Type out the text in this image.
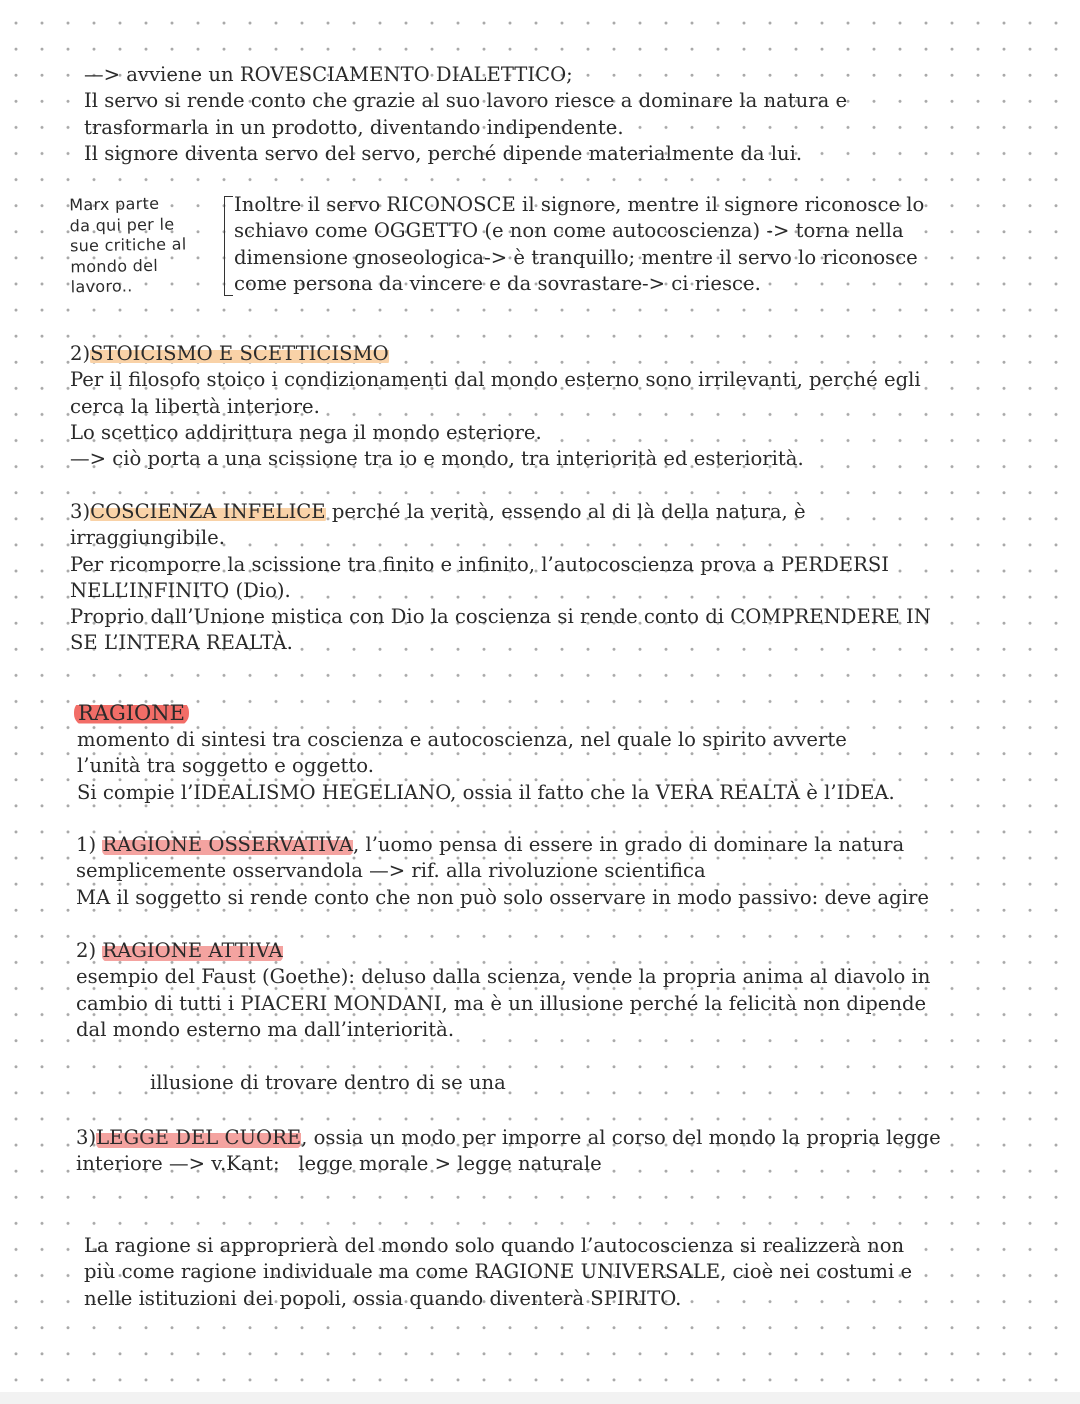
—> avviene un ROVESCIAMENTO DIALETTICO;
Il servo si rende conto che grazie al suo lavoro riesce a dominare la natura e
trasformarla in un prodotto, diventando indipendente.
Il signore diventa servo del servo, perché dipende materialmente da lui.
Marx parte
da qui per le
sue critiche al
mondo del
lavoro..
Inoltre il servo RICONOSCE il signore, mentre il signore riconosce lo
schiavo come OGGETTO (e non come autocoscienza) -> torna nella
dimensione gnoseologica-> è tranquillo; mentre il servo lo riconosce
come persona da vincere e da sovrastare-> ci riesce.
2)STOICISMO E SCETTICISMO
Per il filosofo stoico i condizionamenti dal mondo esterno sono irrilevanti, perché egli
cerca la libertà interiore.
Lo scettico addirittura nega il mondo esteriore.
—> ciò porta a una scissione tra io e mondo, tra interiorità ed esteriorità.
3)COSCIENZA INFELICE perché la verità, essendo al di là della natura, è
irraggiungibile.
Per ricomporre la scissione tra finito e infinito, l’autocoscienza prova a PERDERSI
NELL’INFINITO (Dio).
Proprio dall’Unione mistica con Dio la coscienza si rende conto di COMPRENDERE IN
SE L’INTERA REALTÀ.
RAGIONE
momento di sintesi tra coscienza e autocoscienza, nel quale lo spirito avverte
l’unità tra soggetto e oggetto.
Si compie l’IDEALISMO HEGELIANO, ossia il fatto che la VERA REALTÀ è l’IDEA.
1) RAGIONE OSSERVATIVA, l’uomo pensa di essere in grado di dominare la natura
semplicemente osservandola —> rif. alla rivoluzione scientifica
MA il soggetto si rende conto che non può solo osservare in modo passivo: deve agire
2) RAGIONE ATTIVA
esempio del Faust (Goethe): deluso dalla scienza, vende la propria anima al diavolo in
cambio di tutti i PIACERI MONDANI, ma è un illusione perché la felicità non dipende
dal mondo esterno ma dall’interiorità.
illusione di trovare dentro di se una
3)LEGGE DEL CUORE, ossia un modo per imporre al corso del mondo la propria legge
interiore —> v.Kant:   legge morale > legge naturale
La ragione si approprierà del mondo solo quando l’autocoscienza si realizzerà non
più come ragione individuale ma come RAGIONE UNIVERSALE, cioè nei costumi e
nelle istituzioni dei popoli, ossia quando diventerà SPIRITO.
